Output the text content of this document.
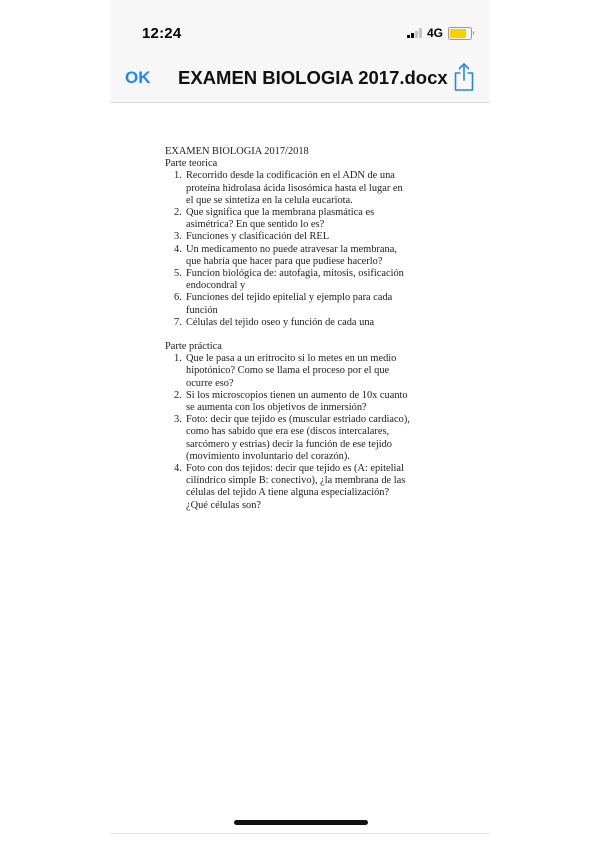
12:24	4G
OK EXAMEN BIOLOGIA 2017.docx
EXAMEN BIOLOGIA 2017/2018
Parte teorica
1. Recorrido desde la codificación en el ADN de una
proteína hidrolasa ácida lisosómica hasta el lugar en
el que se sintetiza en la celula eucariota.
2. Que significa que la membrana plasmática es
asimétrica? En que sentido lo es?
3. Funciones y clasificación del REL
4. Un medicamento no puede atravesar la membrana,
que habría que hacer para que pudiese hacerlo?
5. Funcion biológica de: autofagia, mitosis, osificación
endocondral y
6. Funciones del tejido epitelial y ejemplo para cada
función
7. Células del tejido oseo y función de cada una
Parte práctica
1. Que le pasa a un eritrocito si lo metes en un medio
hipotónico? Como se llama el proceso por el que
ocurre eso?
2. Si los microscopios tienen un aumento de 10x cuanto
se aumenta con los objetivos de inmersión?
3. Foto: decir que tejido es (muscular estriado cardiaco),
como has sabido que era ese (discos intercalares,
sarcómero y estrias) decir la función de ese tejido
(movimiento involuntario del corazón).
4. Foto con dos tejidos: decir que tejido es (A: epitelial
cilíndrico simple B: conectivo), ¿la membrana de las
células del tejido A tiene alguna especialización?
¿Qué células son?
